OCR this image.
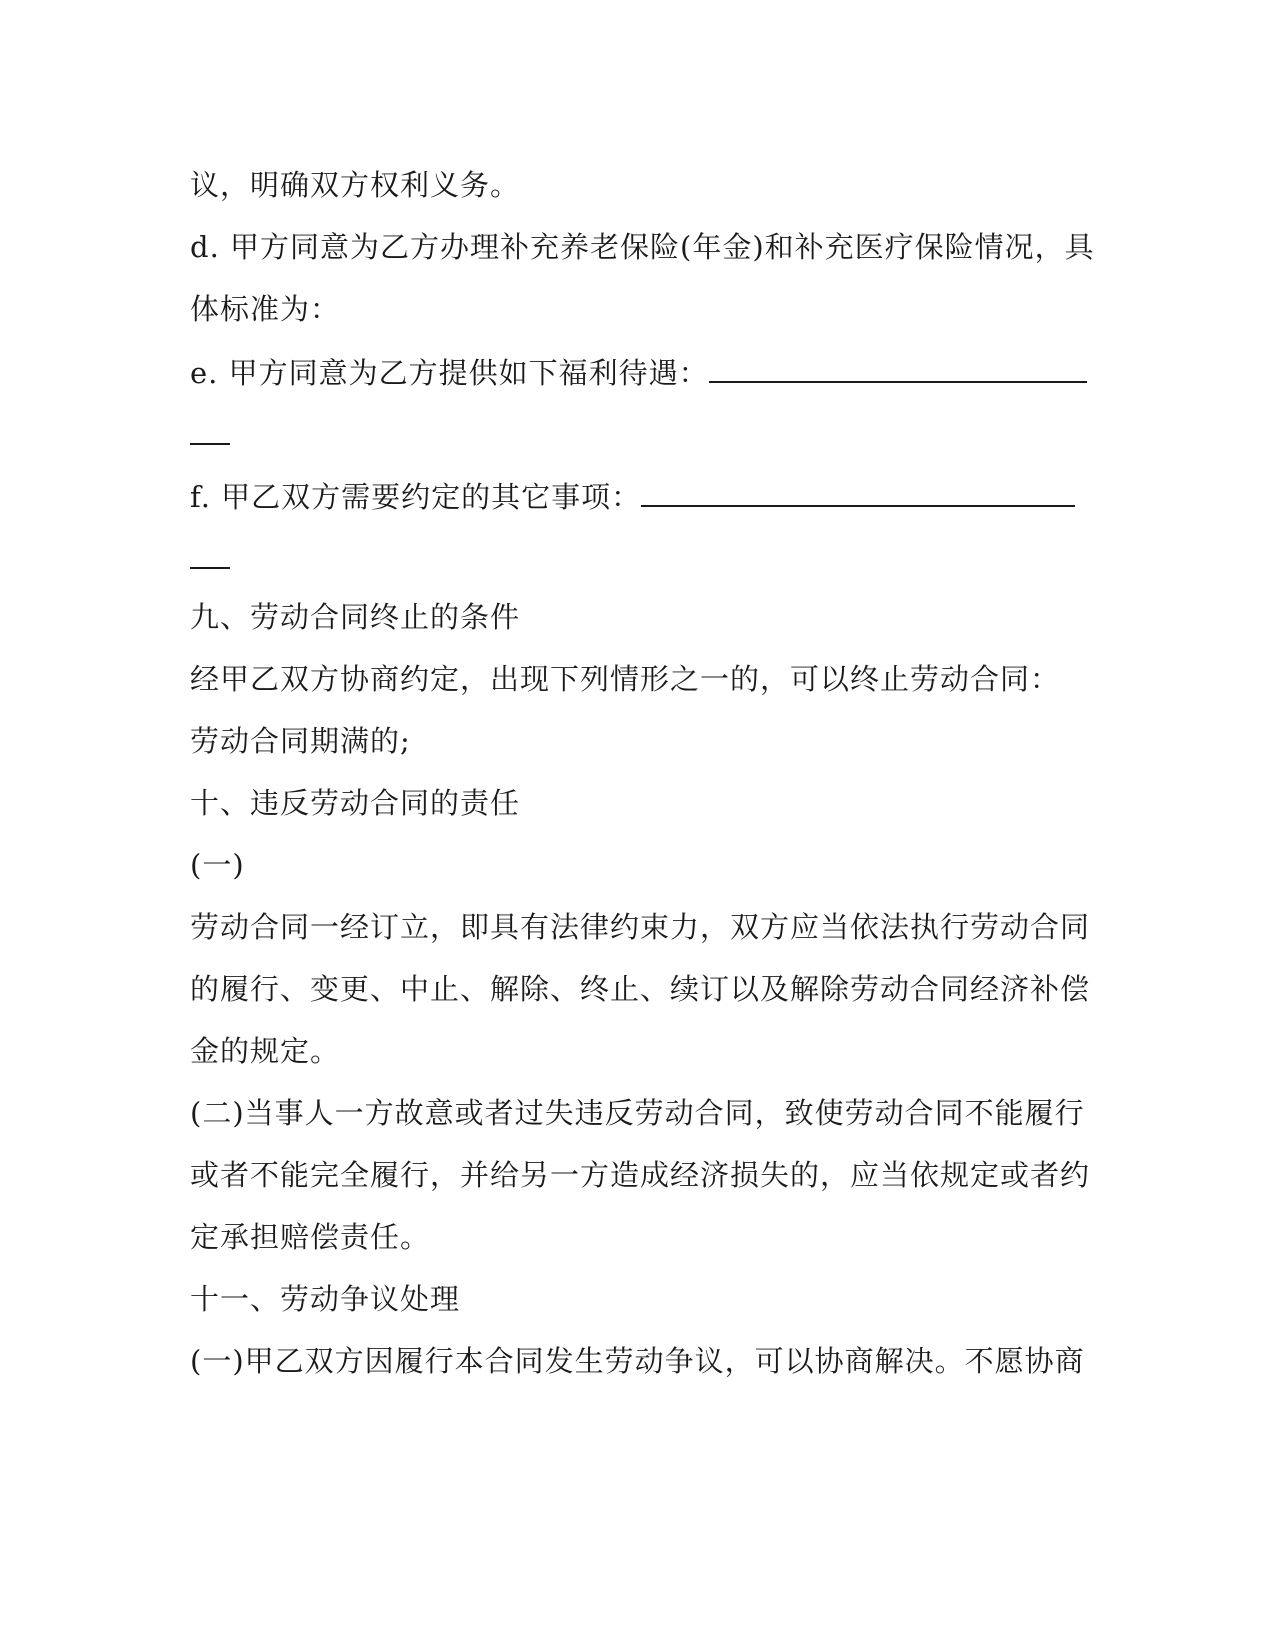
议，明确双方权利义务。

d. 甲方同意为乙方办理补充养老保险(年金)和补充医疗保险情况，具

体标准为：

e. 甲方同意为乙方提供如下福利待遇：

f. 甲乙双方需要约定的其它事项：

九、劳动合同终止的条件

经甲乙双方协商约定，出现下列情形之一的，可以终止劳动合同：

劳动合同期满的;

十、违反劳动合同的责任

(一)

劳动合同一经订立，即具有法律约束力，双方应当依法执行劳动合同

的履行、变更、中止、解除、终止、续订以及解除劳动合同经济补偿

金的规定。

(二)当事人一方故意或者过失违反劳动合同，致使劳动合同不能履行

或者不能完全履行，并给另一方造成经济损失的，应当依规定或者约

定承担赔偿责任。

十一、劳动争议处理

(一)甲乙双方因履行本合同发生劳动争议，可以协商解决。不愿协商
